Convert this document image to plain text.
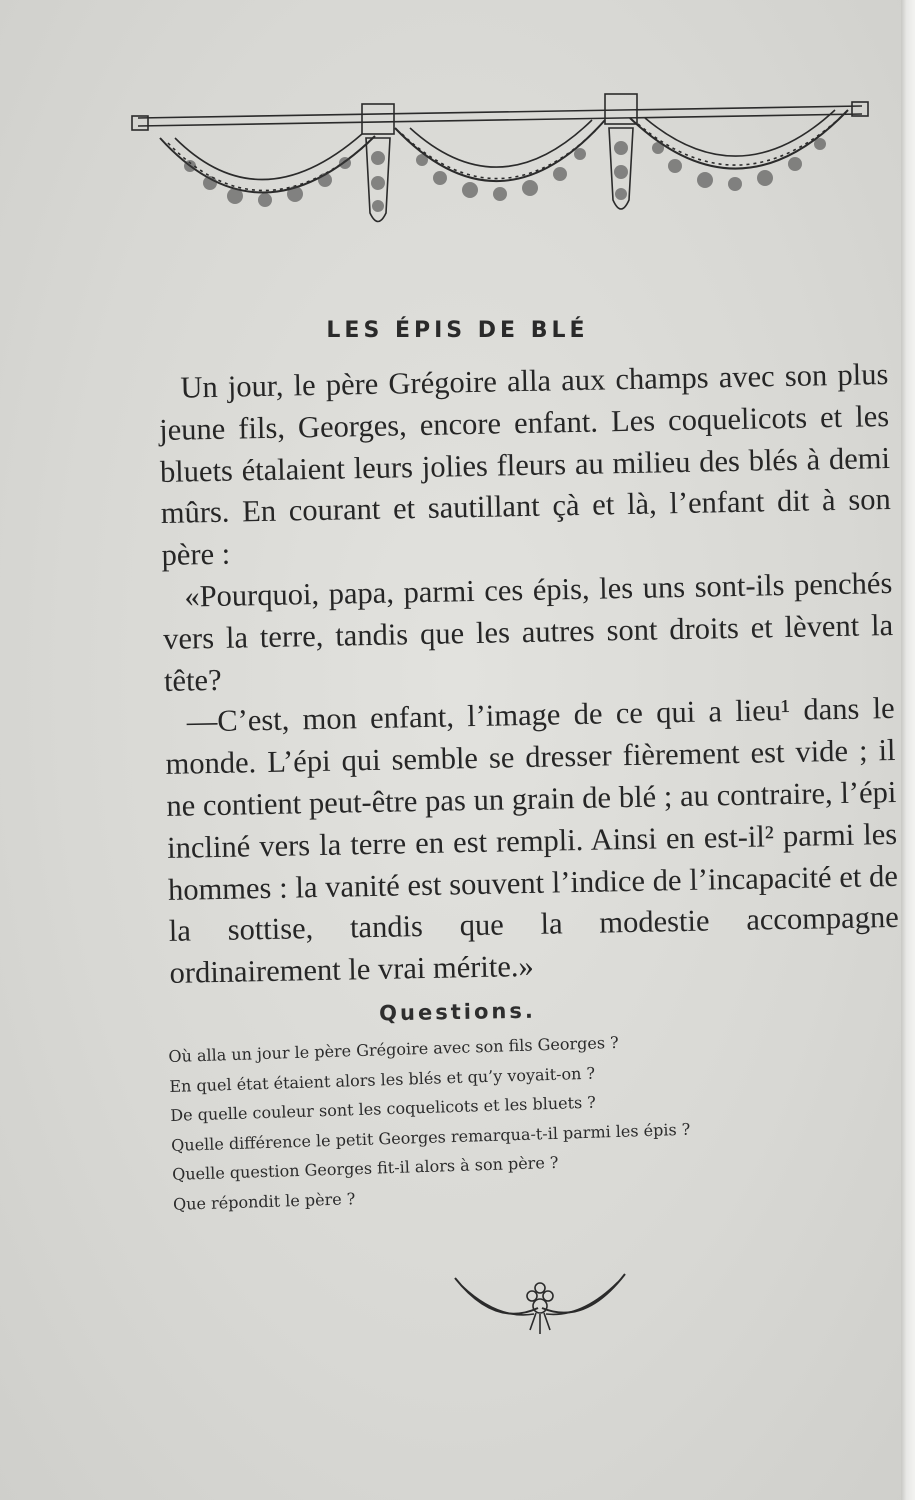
LES ÉPIS DE BLÉ

Un jour, le père Grégoire alla aux champs avec son plus jeune fils, Georges, encore enfant. Les coquelicots et les bluets étalaient leurs jolies fleurs au milieu des blés à demi mûrs. En courant et sautillant çà et là, l’enfant dit à son père :

«Pourquoi, papa, parmi ces épis, les uns sont-ils penchés vers la terre, tandis que les autres sont droits et lèvent la tête?

—C’est, mon enfant, l’image de ce qui a lieu¹ dans le monde. L’épi qui semble se dresser fièrement est vide ; il ne contient peut-être pas un grain de blé ; au contraire, l’épi incliné vers la terre en est rempli. Ainsi en est-il² parmi les hommes : la vanité est souvent l’indice de l’incapacité et de la sottise, tandis que la modestie accompagne ordinairement le vrai mérite.»

Questions.
Où alla un jour le père Grégoire avec son fils Georges ?
En quel état étaient alors les blés et qu’y voyait-on ?
De quelle couleur sont les coquelicots et les bluets ?
Quelle différence le petit Georges remarqua-t-il parmi les épis ?
Quelle question Georges fit-il alors à son père ?
Que répondit le père ?
